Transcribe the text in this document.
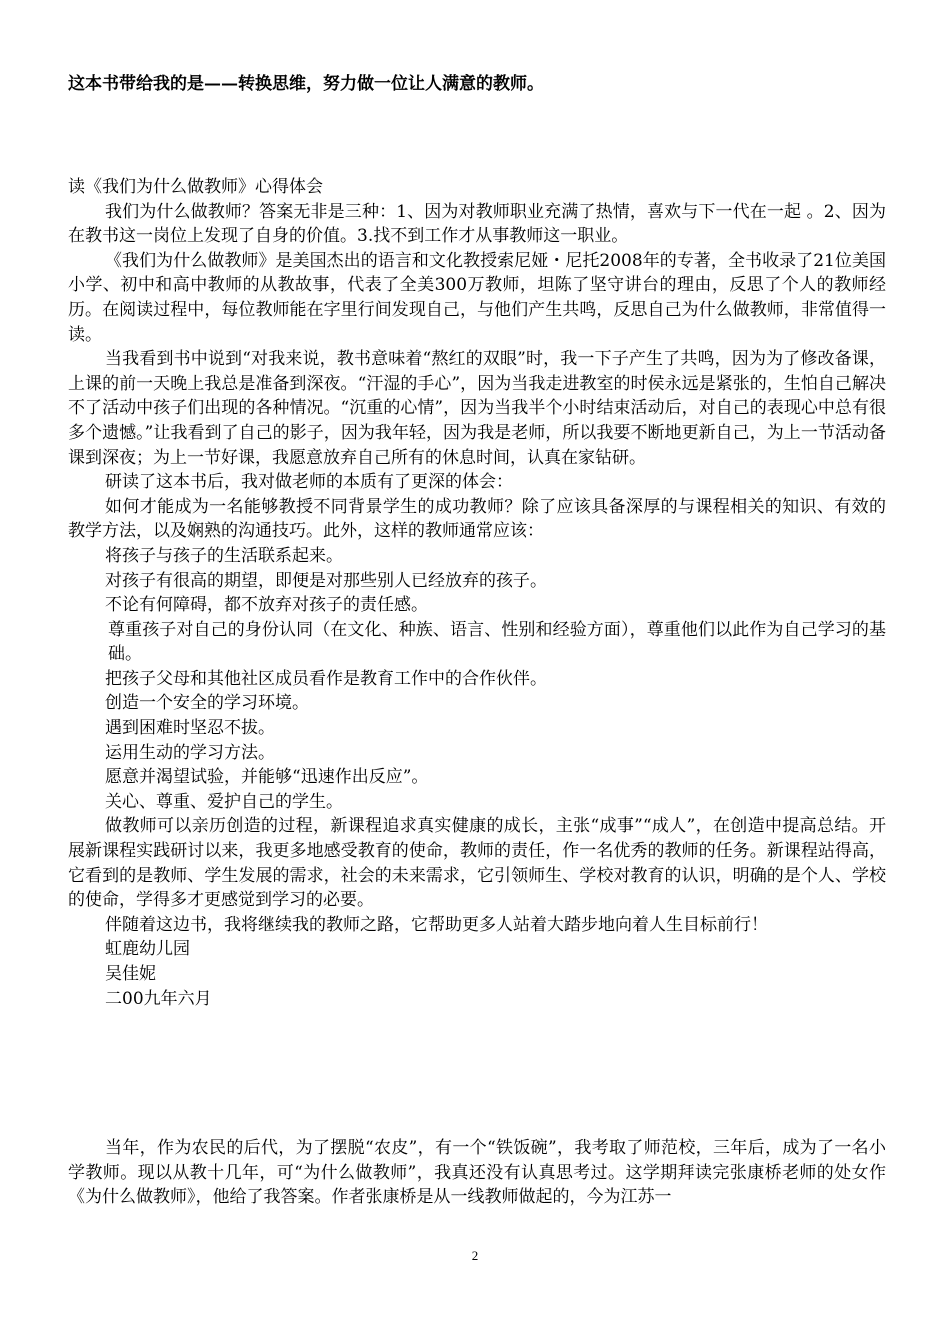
这本书带给我的是——转换思维，努力做一位让人满意的教师。

读《我们为什么做教师》心得体会

我们为什么做教师？答案无非是三种：1、因为对教师职业充满了热情，喜欢与下一代在一起 。2、因为在教书这一岗位上发现了自身的价值。3.找不到工作才从事教师这一职业。

《我们为什么做教师》是美国杰出的语言和文化教授索尼娅・尼托2008年的专著，全书收录了21位美国小学、初中和高中教师的从教故事，代表了全美300万教师，坦陈了坚守讲台的理由，反思了个人的教师经历。在阅读过程中，每位教师能在字里行间发现自己，与他们产生共鸣，反思自己为什么做教师，非常值得一读。

当我看到书中说到“对我来说，教书意味着“熬红的双眼”时，我一下子产生了共鸣，因为为了修改备课，上课的前一天晚上我总是准备到深夜。“汗湿的手心”，因为当我走进教室的时侯永远是紧张的，生怕自己解决不了活动中孩子们出现的各种情况。“沉重的心情”，因为当我半个小时结束活动后，对自己的表现心中总有很多个遗憾。”让我看到了自己的影子，因为我年轻，因为我是老师，所以我要不断地更新自己，为上一节活动备课到深夜；为上一节好课，我愿意放弃自己所有的休息时间，认真在家钻研。

研读了这本书后，我对做老师的本质有了更深的体会：

如何才能成为一名能够教授不同背景学生的成功教师？除了应该具备深厚的与课程相关的知识、有效的教学方法，以及娴熟的沟通技巧。此外，这样的教师通常应该：

将孩子与孩子的生活联系起来。

对孩子有很高的期望，即便是对那些别人已经放弃的孩子。

不论有何障碍，都不放弃对孩子的责任感。

尊重孩子对自己的身份认同（在文化、种族、语言、性别和经验方面），尊重他们以此作为自己学习的基础。

把孩子父母和其他社区成员看作是教育工作中的合作伙伴。

创造一个安全的学习环境。

遇到困难时坚忍不拔。

运用生动的学习方法。

愿意并渴望试验，并能够“迅速作出反应”。

关心、尊重、爱护自己的学生。

做教师可以亲历创造的过程，新课程追求真实健康的成长，主张“成事”“成人”，在创造中提高总结。开展新课程实践研讨以来，我更多地感受教育的使命，教师的责任，作一名优秀的教师的任务。新课程站得高，它看到的是教师、学生发展的需求，社会的未来需求，它引领师生、学校对教育的认识，明确的是个人、学校的使命，学得多才更感觉到学习的必要。

伴随着这边书，我将继续我的教师之路，它帮助更多人站着大踏步地向着人生目标前行！

虹鹿幼儿园

吴佳妮

二00九年六月

当年，作为农民的后代，为了摆脱“农皮”，有一个“铁饭碗”，我考取了师范校，三年后，成为了一名小学教师。现以从教十几年，可“为什么做教师”，我真还没有认真思考过。这学期拜读完张康桥老师的处女作《为什么做教师》，他给了我答案。作者张康桥是从一线教师做起的，今为江苏一

2
